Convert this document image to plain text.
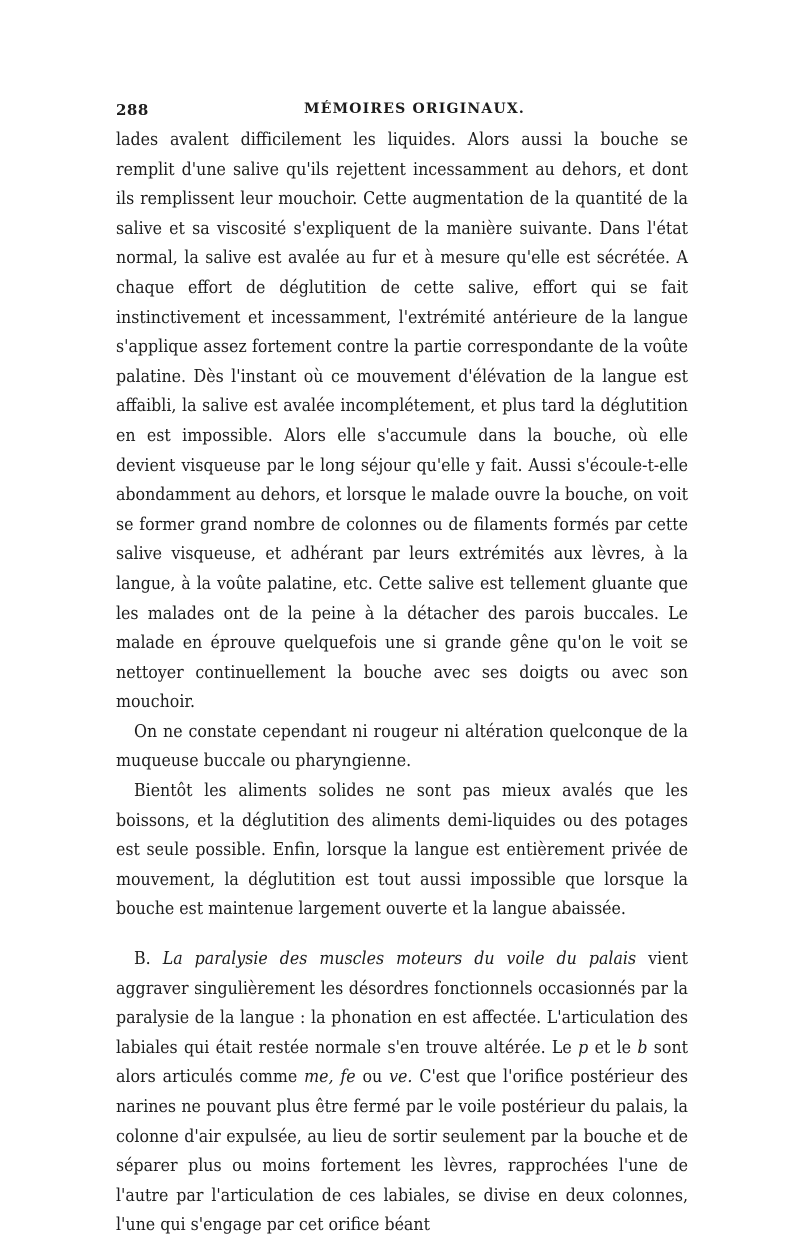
288	MÉMOIRES ORIGINAUX.

lades avalent difficilement les liquides. Alors aussi la bouche se remplit d'une salive qu'ils rejettent incessamment au dehors, et dont ils remplissent leur mouchoir. Cette augmentation de la quantité de la salive et sa viscosité s'expliquent de la manière suivante. Dans l'état normal, la salive est avalée au fur et à mesure qu'elle est sécrétée. A chaque effort de déglutition de cette salive, effort qui se fait instinctivement et incessamment, l'extrémité antérieure de la langue s'applique assez fortement contre la partie correspondante de la voûte palatine. Dès l'instant où ce mouvement d'élévation de la langue est affaibli, la salive est avalée incomplétement, et plus tard la déglutition en est impossible. Alors elle s'accumule dans la bouche, où elle devient visqueuse par le long séjour qu'elle y fait. Aussi s'écoule-t-elle abondamment au dehors, et lorsque le malade ouvre la bouche, on voit se former grand nombre de colonnes ou de filaments formés par cette salive visqueuse, et adhérant par leurs extrémités aux lèvres, à la langue, à la voûte palatine, etc. Cette salive est tellement gluante que les malades ont de la peine à la détacher des parois buccales. Le malade en éprouve quelquefois une si grande gêne qu'on le voit se nettoyer continuellement la bouche avec ses doigts ou avec son mouchoir.

On ne constate cependant ni rougeur ni altération quelconque de la muqueuse buccale ou pharyngienne.

Bientôt les aliments solides ne sont pas mieux avalés que les boissons, et la déglutition des aliments demi-liquides ou des potages est seule possible. Enfin, lorsque la langue est entièrement privée de mouvement, la déglutition est tout aussi impossible que lorsque la bouche est maintenue largement ouverte et la langue abaissée.

B. La paralysie des muscles moteurs du voile du palais vient aggraver singulièrement les désordres fonctionnels occasionnés par la paralysie de la langue : la phonation en est affectée. L'articulation des labiales qui était restée normale s'en trouve altérée. Le p et le b sont alors articulés comme me, fe ou ve. C'est que l'orifice postérieur des narines ne pouvant plus être fermé par le voile postérieur du palais, la colonne d'air expulsée, au lieu de sortir seulement par la bouche et de séparer plus ou moins fortement les lèvres, rapprochées l'une de l'autre par l'articulation de ces labiales, se divise en deux colonnes, l'une qui s'engage par cet orifice béant
